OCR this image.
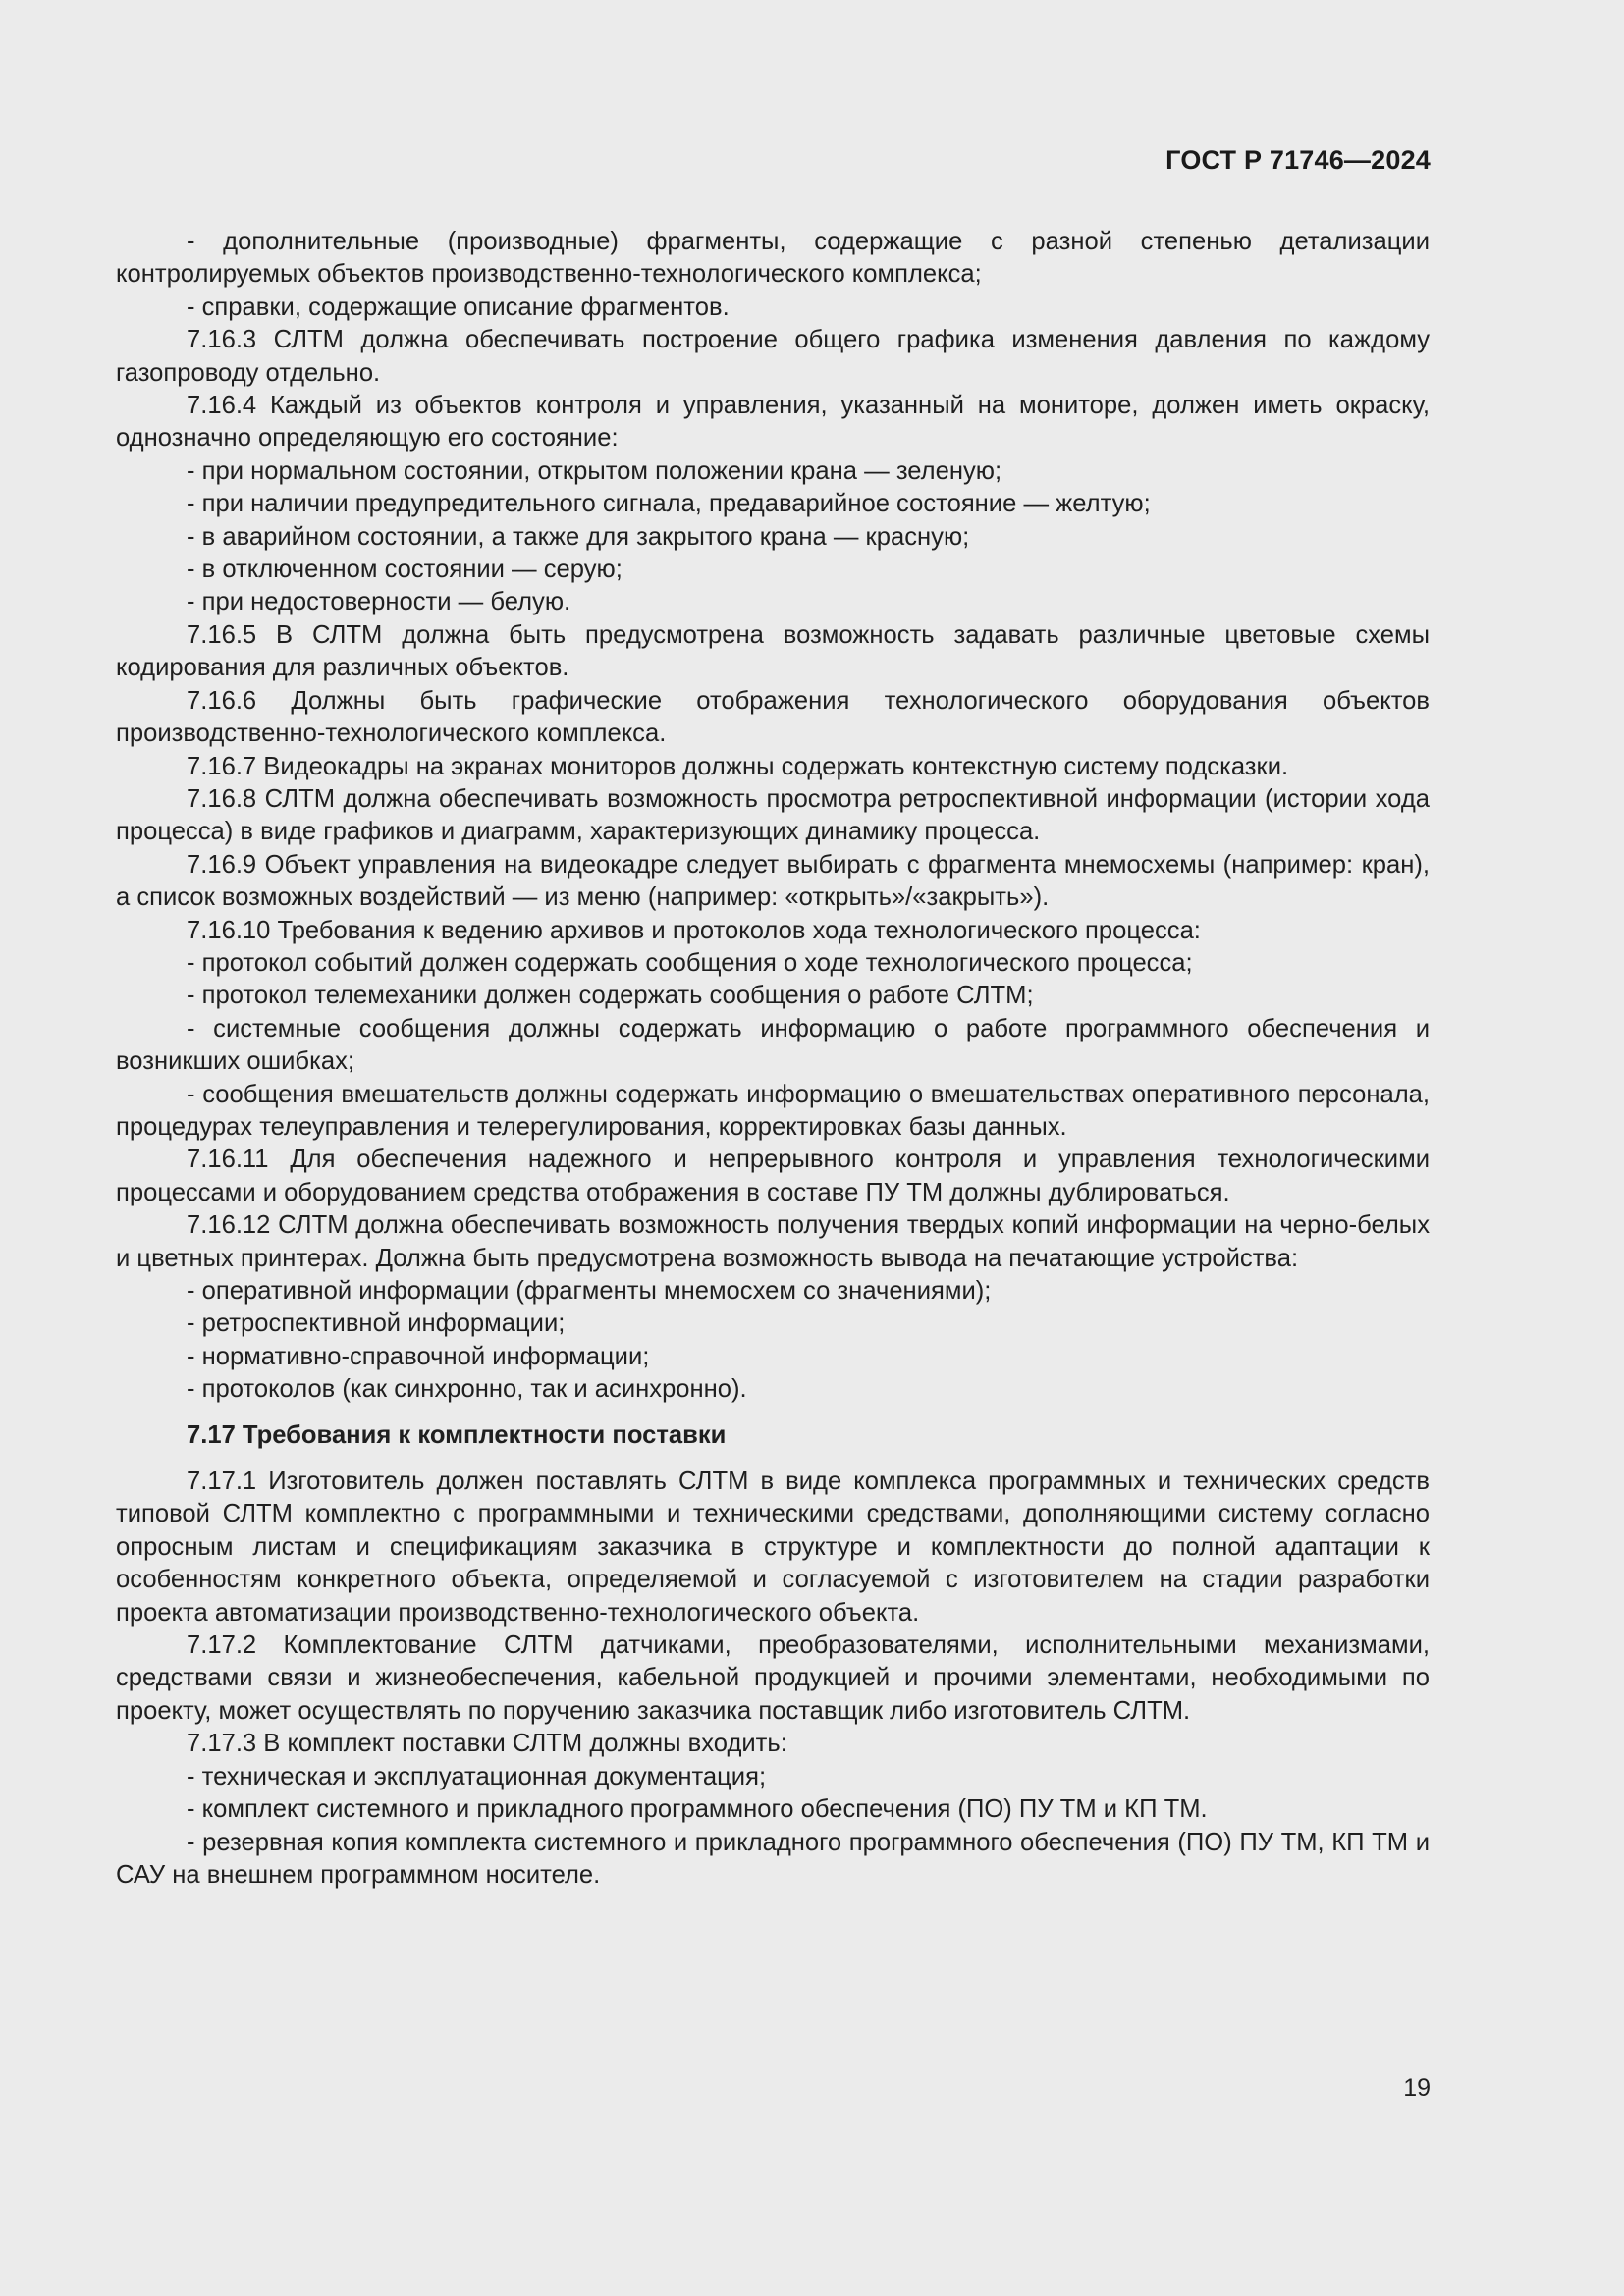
ГОСТ Р 71746—2024

- дополнительные (производные) фрагменты, содержащие с разной степенью детализации контролируемых объектов производственно-технологического комплекса;

- справки, содержащие описание фрагментов.

7.16.3 СЛТМ должна обеспечивать построение общего графика изменения давления по каждому газопроводу отдельно.

7.16.4 Каждый из объектов контроля и управления, указанный на мониторе, должен иметь окраску, однозначно определяющую его состояние:

- при нормальном состоянии, открытом положении крана — зеленую;

- при наличии предупредительного сигнала, предаварийное состояние — желтую;

- в аварийном состоянии, а также для закрытого крана — красную;

- в отключенном состоянии — серую;

- при недостоверности — белую.

7.16.5 В СЛТМ должна быть предусмотрена возможность задавать различные цветовые схемы кодирования для различных объектов.

7.16.6 Должны быть графические отображения технологического оборудования объектов производственно-технологического комплекса.

7.16.7 Видеокадры на экранах мониторов должны содержать контекстную систему подсказки.

7.16.8 СЛТМ должна обеспечивать возможность просмотра ретроспективной информации (истории хода процесса) в виде графиков и диаграмм, характеризующих динамику процесса.

7.16.9 Объект управления на видеокадре следует выбирать с фрагмента мнемосхемы (например: кран), а список возможных воздействий — из меню (например: «открыть»/«закрыть»).

7.16.10 Требования к ведению архивов и протоколов хода технологического процесса:

- протокол событий должен содержать сообщения о ходе технологического процесса;

- протокол телемеханики должен содержать сообщения о работе СЛТМ;

- системные сообщения должны содержать информацию о работе программного обеспечения и возникших ошибках;

- сообщения вмешательств должны содержать информацию о вмешательствах оперативного персонала, процедурах телеуправления и телерегулирования, корректировках базы данных.

7.16.11 Для обеспечения надежного и непрерывного контроля и управления технологическими процессами и оборудованием средства отображения в составе ПУ ТМ должны дублироваться.

7.16.12 СЛТМ должна обеспечивать возможность получения твердых копий информации на черно-белых и цветных принтерах. Должна быть предусмотрена возможность вывода на печатающие устройства:

- оперативной информации (фрагменты мнемосхем со значениями);

- ретроспективной информации;

- нормативно-справочной информации;

- протоколов (как синхронно, так и асинхронно).

7.17 Требования к комплектности поставки

7.17.1 Изготовитель должен поставлять СЛТМ в виде комплекса программных и технических средств типовой СЛТМ комплектно с программными и техническими средствами, дополняющими систему согласно опросным листам и спецификациям заказчика в структуре и комплектности до полной адаптации к особенностям конкретного объекта, определяемой и согласуемой с изготовителем на стадии разработки проекта автоматизации производственно-технологического объекта.

7.17.2 Комплектование СЛТМ датчиками, преобразователями, исполнительными механизмами, средствами связи и жизнеобеспечения, кабельной продукцией и прочими элементами, необходимыми по проекту, может осуществлять по поручению заказчика поставщик либо изготовитель СЛТМ.

7.17.3 В комплект поставки СЛТМ должны входить:

- техническая и эксплуатационная документация;

- комплект системного и прикладного программного обеспечения (ПО) ПУ ТМ и КП ТМ.

- резервная копия комплекта системного и прикладного программного обеспечения (ПО) ПУ ТМ, КП ТМ и САУ на внешнем программном носителе.

19
